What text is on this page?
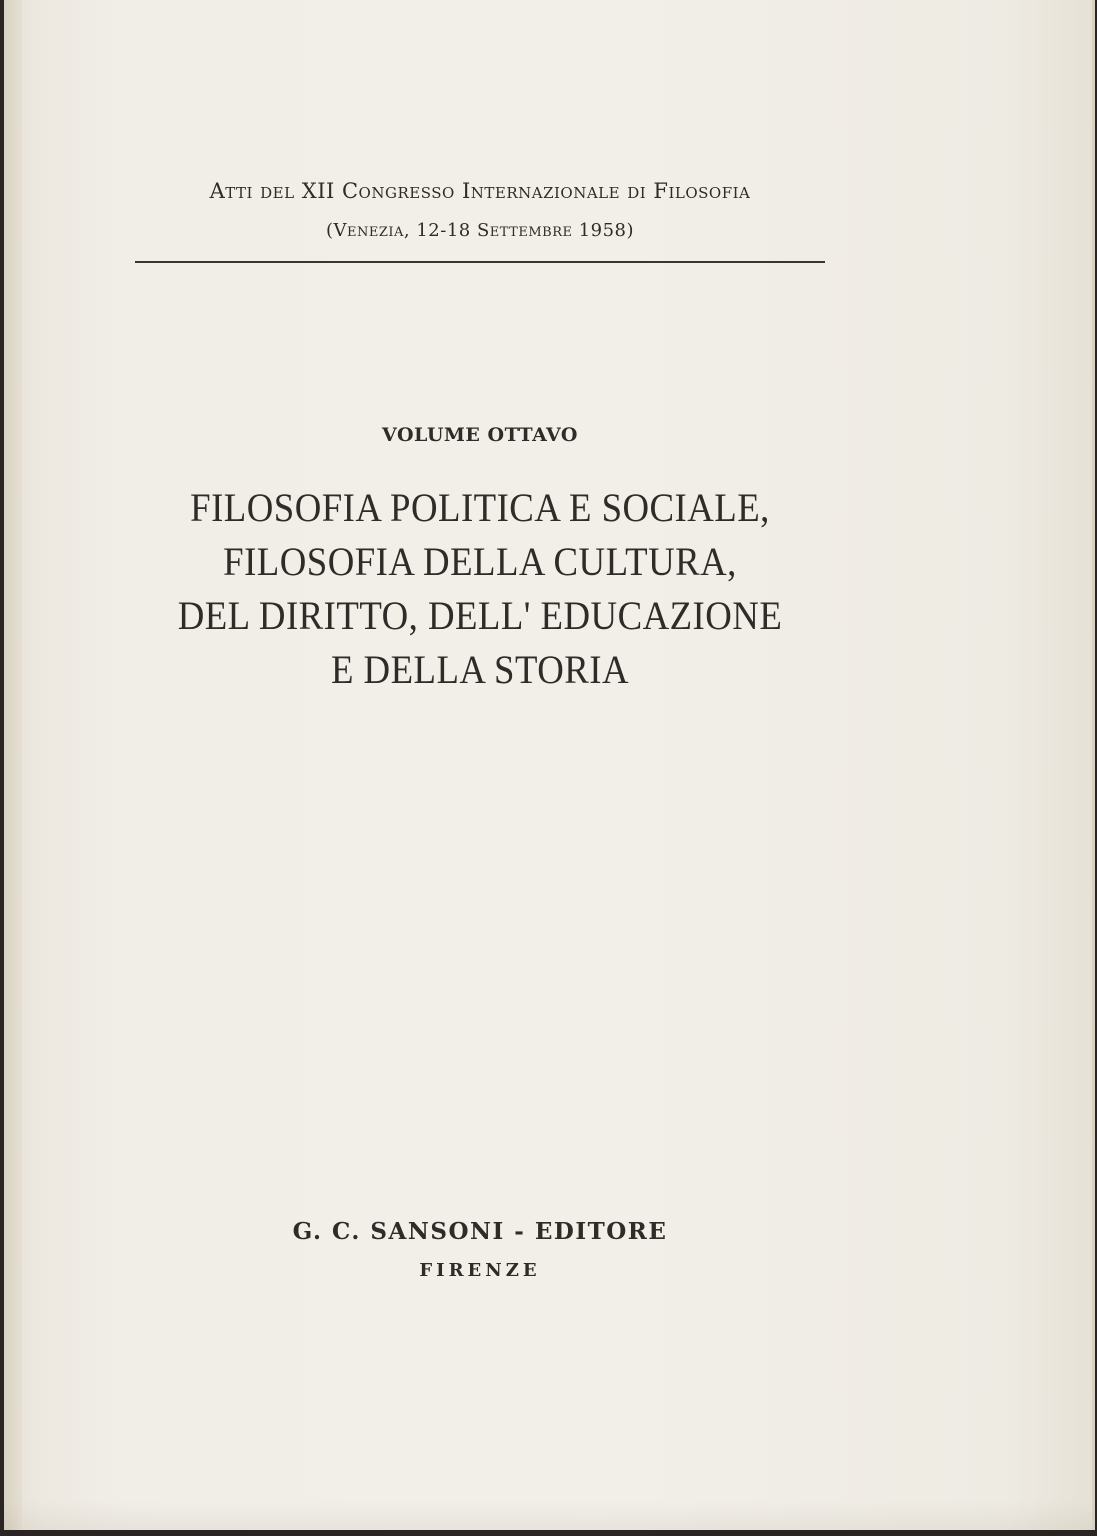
Atti del XII Congresso Internazionale di Filosofia
(Venezia, 12-18 Settembre 1958)
VOLUME OTTAVO
FILOSOFIA POLITICA E SOCIALE,
FILOSOFIA DELLA CULTURA,
DEL DIRITTO, DELL' EDUCAZIONE
E DELLA STORIA
G. C. SANSONI - EDITORE
FIRENZE
